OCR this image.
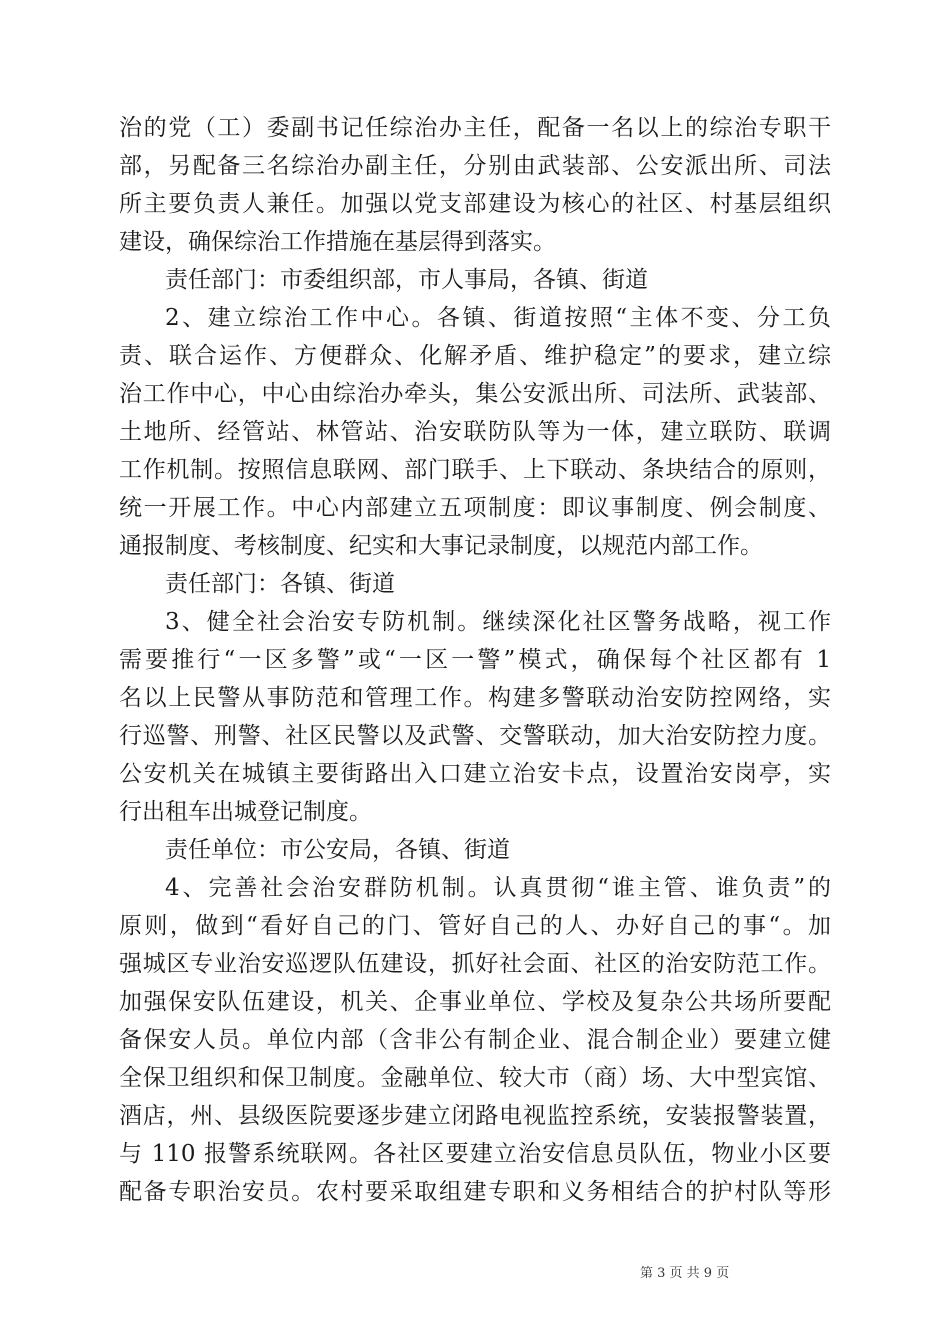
治的党（工）委副书记任综治办主任，配备一名以上的综治专职干
部，另配备三名综治办副主任，分别由武装部、公安派出所、司法
所主要负责人兼任。加强以党支部建设为核心的社区、村基层组织
建设，确保综治工作措施在基层得到落实。
责任部门：市委组织部，市人事局，各镇、街道
2、建立综治工作中心。各镇、街道按照“主体不变、分工负
责、联合运作、方便群众、化解矛盾、维护稳定”的要求，建立综
治工作中心，中心由综治办牵头，集公安派出所、司法所、武装部、
土地所、经管站、林管站、治安联防队等为一体，建立联防、联调
工作机制。按照信息联网、部门联手、上下联动、条块结合的原则，
统一开展工作。中心内部建立五项制度：即议事制度、例会制度、
通报制度、考核制度、纪实和大事记录制度，以规范内部工作。
责任部门：各镇、街道
3、健全社会治安专防机制。继续深化社区警务战略，视工作
需要推行“一区多警”或“一区一警”模式，确保每个社区都有 1
名以上民警从事防范和管理工作。构建多警联动治安防控网络，实
行巡警、刑警、社区民警以及武警、交警联动，加大治安防控力度。
公安机关在城镇主要街路出入口建立治安卡点，设置治安岗亭，实
行出租车出城登记制度。
责任单位：市公安局，各镇、街道
4、完善社会治安群防机制。认真贯彻“谁主管、谁负责”的
原则，做到“看好自己的门、管好自己的人、办好自己的事“。加
强城区专业治安巡逻队伍建设，抓好社会面、社区的治安防范工作。
加强保安队伍建设，机关、企事业单位、学校及复杂公共场所要配
备保安人员。单位内部（含非公有制企业、混合制企业）要建立健
全保卫组织和保卫制度。金融单位、较大市（商）场、大中型宾馆、
酒店，州、县级医院要逐步建立闭路电视监控系统，安装报警装置，
与 110 报警系统联网。各社区要建立治安信息员队伍，物业小区要
配备专职治安员。农村要采取组建专职和义务相结合的护村队等形
第 3 页 共 9 页
